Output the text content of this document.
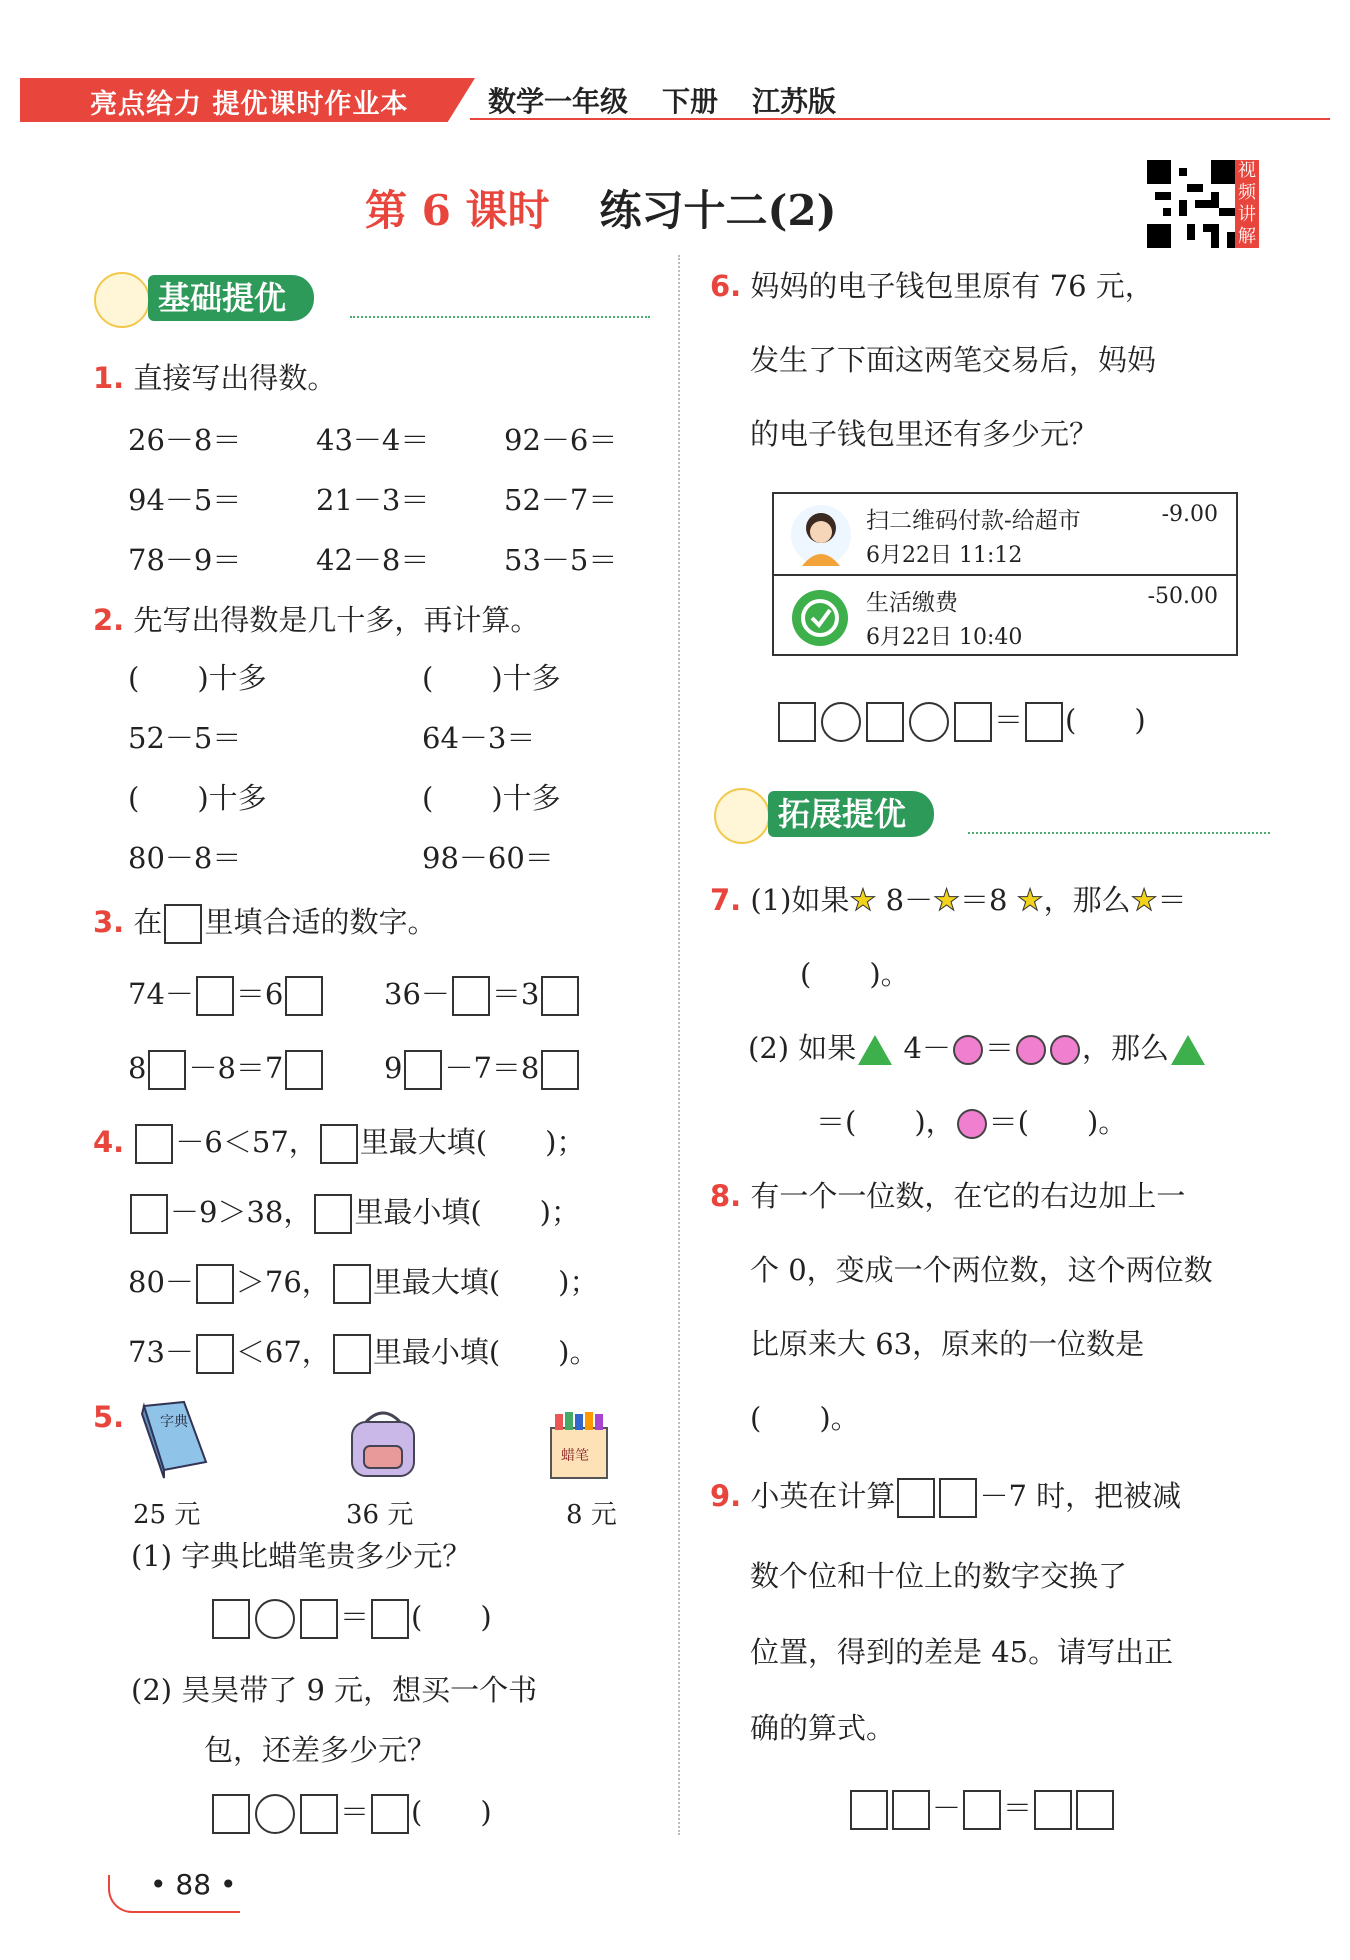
亮点给力 提优课时作业本	数学一年级 下册 江苏版
第 6 课时 练习十二(2)
视频讲解
基础提优
1. 直接写出得数。
26－8＝	43－4＝	92－6＝
94－5＝	21－3＝	52－7＝
78－9＝	42－8＝	53－5＝
2. 先写出得数是几十多，再计算。
(　　)十多	(　　)十多
52－5＝	64－3＝
(　　)十多	(　　)十多
80－8＝	98－60＝
3. 在 里填合适的数字。
74－ ＝6	36－ ＝3
8 －8＝7	9 －7＝8
4. －6＜57， 里最大填(　　)；
－9＞38， 里最小填(　　)；
80－ ＞76， 里最大填(　　)；
73－ ＜67， 里最小填(　　)。
5.	字典
蜡笔
25 元	36 元	8 元
(1) 字典比蜡笔贵多少元？
＝ (　　)
(2) 昊昊带了 9 元，想买一个书
包，还差多少元？
＝ (　　)
6. 妈妈的电子钱包里原有 76 元，
发生了下面这两笔交易后，妈妈
的电子钱包里还有多少元？
扫二维码付款-给超市
6月22日 11:12
-9.00
生活缴费
6月22日 10:40
-50.00
＝ (　　)
拓展提优
7. (1)如果★ 8－★＝8 ★，那么★＝
(　　)。
(2) 如果 4－ ＝ ，那么
＝(　　)， ＝(　　)。
8. 有一个一位数，在它的右边加上一
个 0，变成一个两位数，这个两位数
比原来大 63，原来的一位数是
(　　)。
9. 小英在计算	－7 时，把被减
数个位和十位上的数字交换了
位置，得到的差是 45。请写出正
确的算式。
－ ＝
• 88 •
